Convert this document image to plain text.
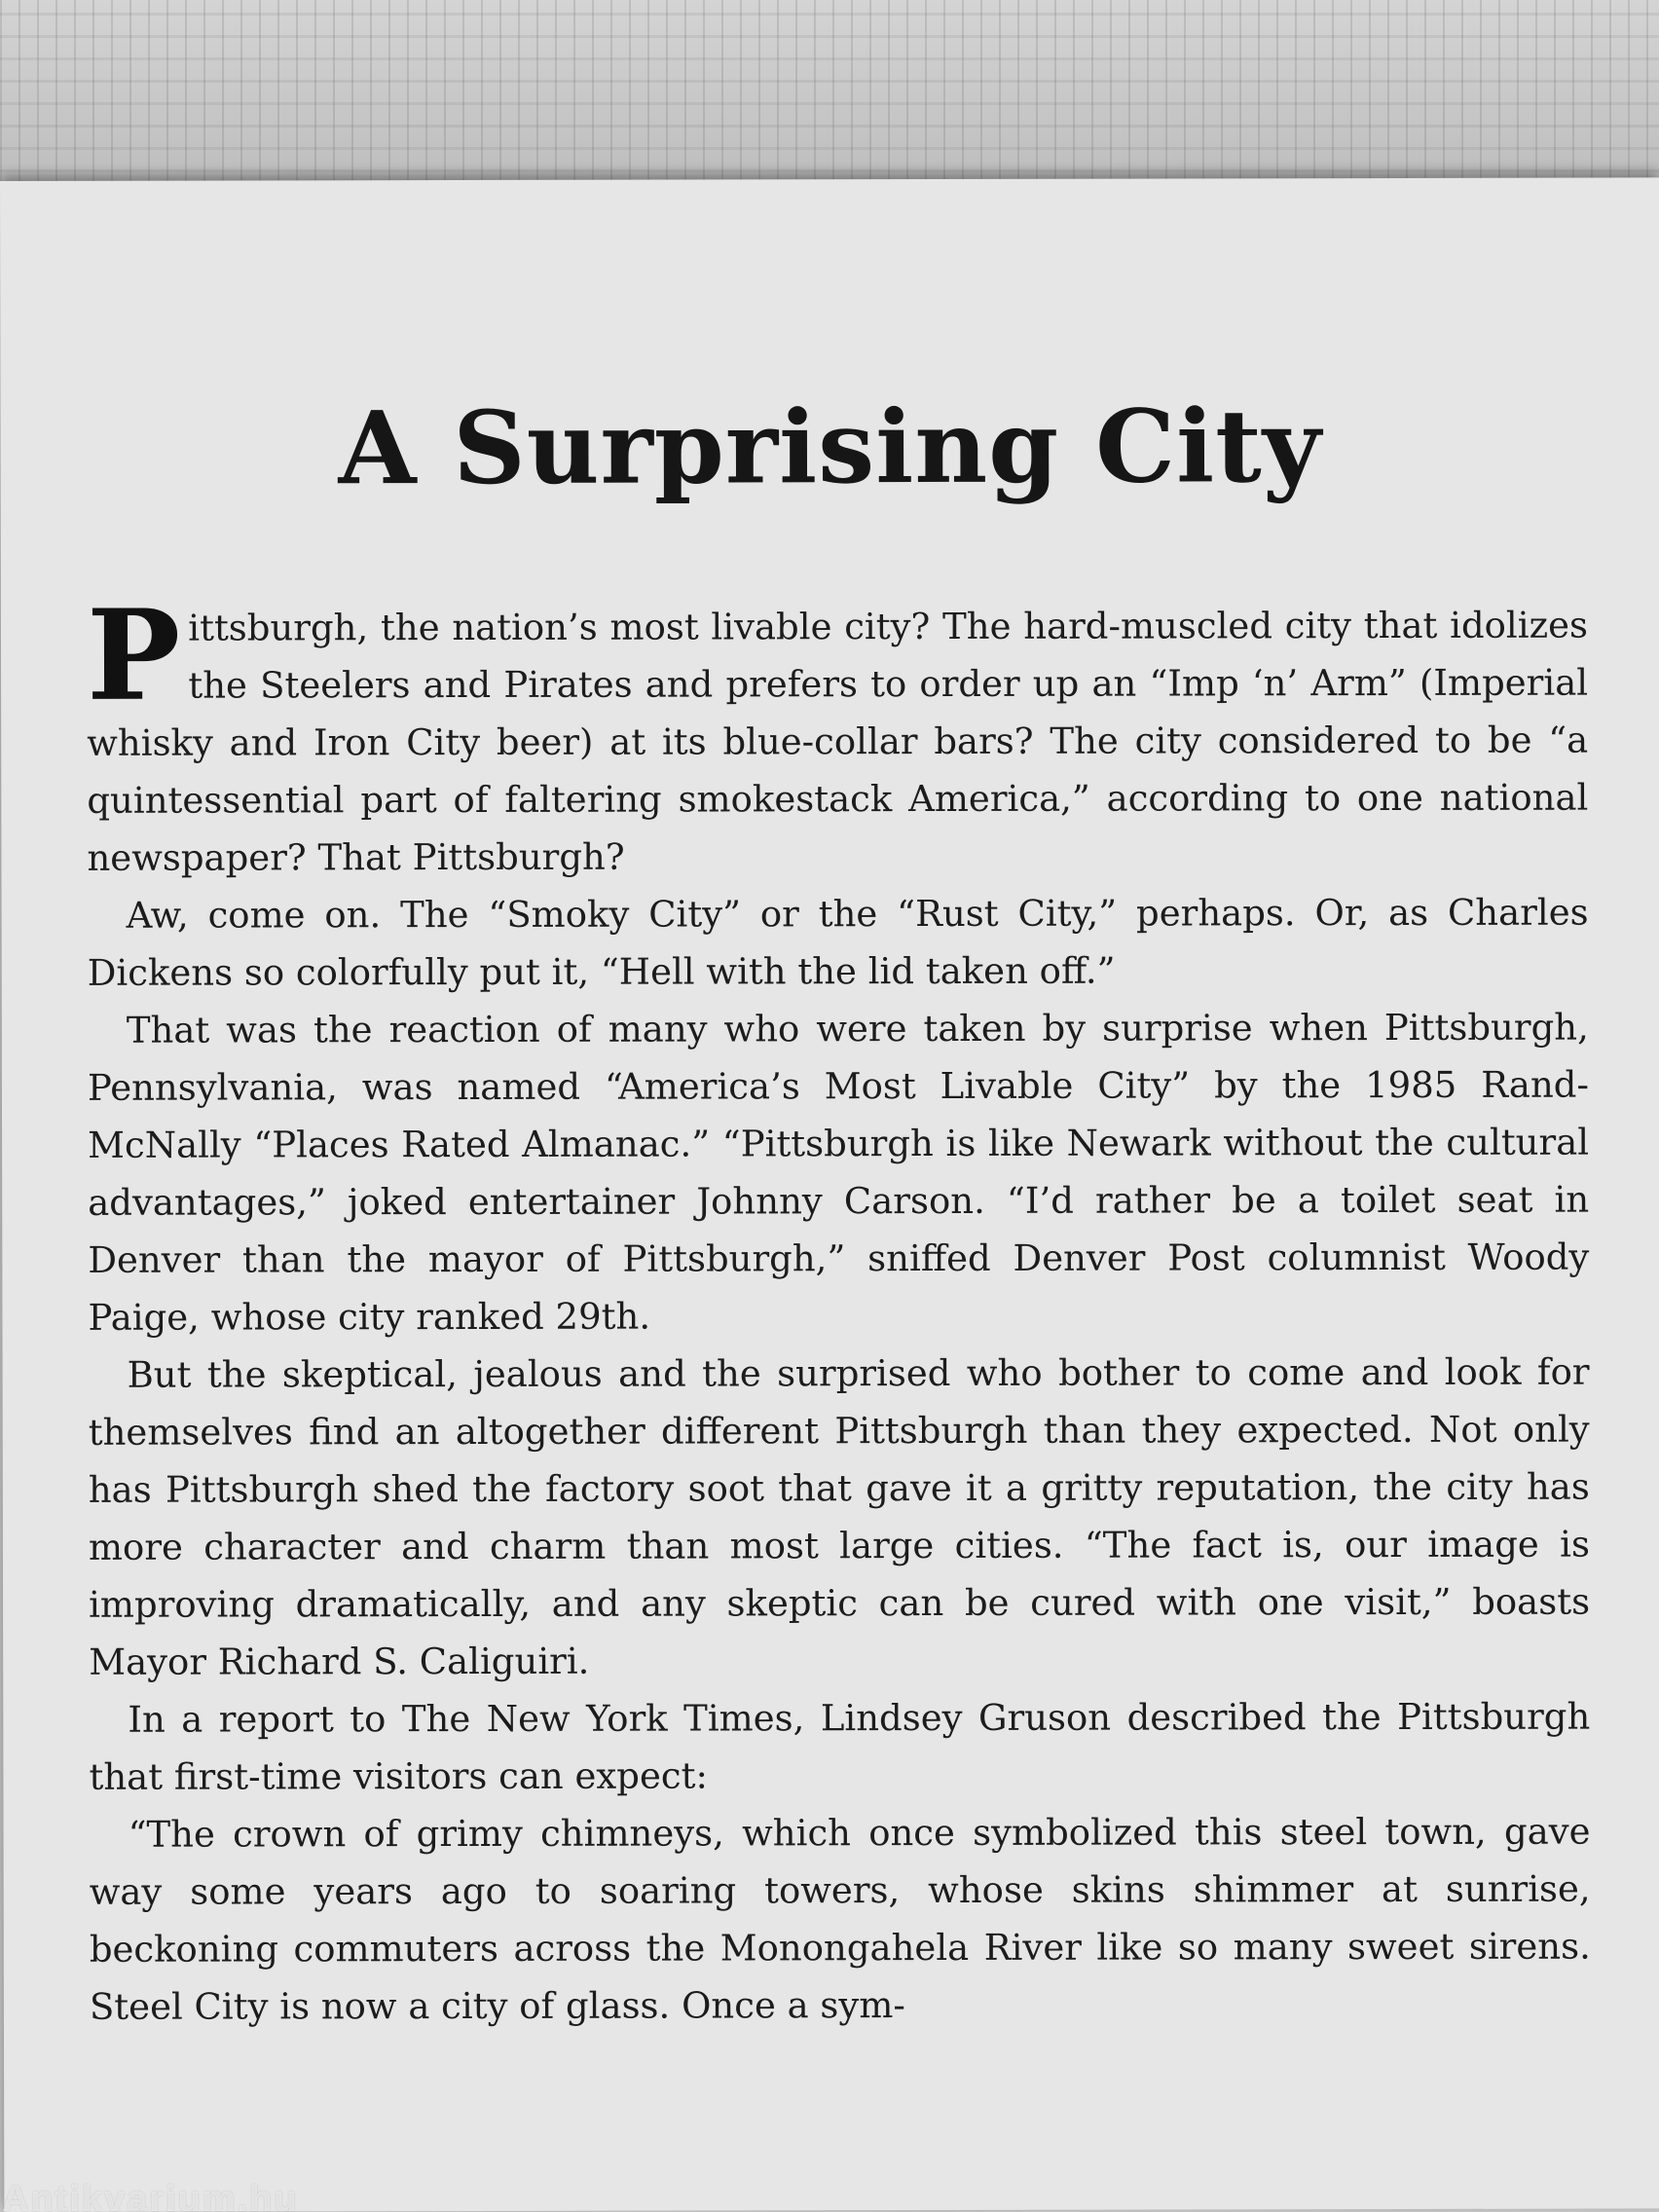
A Surprising City

Pittsburgh, the nation’s most livable city? The hard-muscled city that idolizes the Steelers and Pirates and prefers to order up an “Imp ‘n’ Arm” (Imperial whisky and Iron City beer) at its blue-collar bars? The city considered to be “a quintessential part of faltering smokestack America,” according to one national newspaper? That Pittsburgh?

Aw, come on. The “Smoky City” or the “Rust City,” perhaps. Or, as Charles Dickens so colorfully put it, “Hell with the lid taken off.”

That was the reaction of many who were taken by surprise when Pittsburgh, Pennsylvania, was named “America’s Most Livable City” by the 1985 Rand-McNally “Places Rated Almanac.” “Pittsburgh is like Newark without the cultural advantages,” joked entertainer Johnny Carson. “I’d rather be a toilet seat in Denver than the mayor of Pittsburgh,” sniffed Denver Post columnist Woody Paige, whose city ranked 29th.

But the skeptical, jealous and the surprised who bother to come and look for themselves find an altogether different Pittsburgh than they expected. Not only has Pittsburgh shed the factory soot that gave it a gritty reputation, the city has more character and charm than most large cities. “The fact is, our image is improving dramatically, and any skeptic can be cured with one visit,” boasts Mayor Richard S. Caliguiri.

In a report to The New York Times, Lindsey Gruson described the Pittsburgh that first-time visitors can expect:

“The crown of grimy chimneys, which once symbolized this steel town, gave way some years ago to soaring towers, whose skins shimmer at sunrise, beckoning commuters across the Monongahela River like so many sweet sirens. Steel City is now a city of glass. Once a sym-

Antikvarium.hu
